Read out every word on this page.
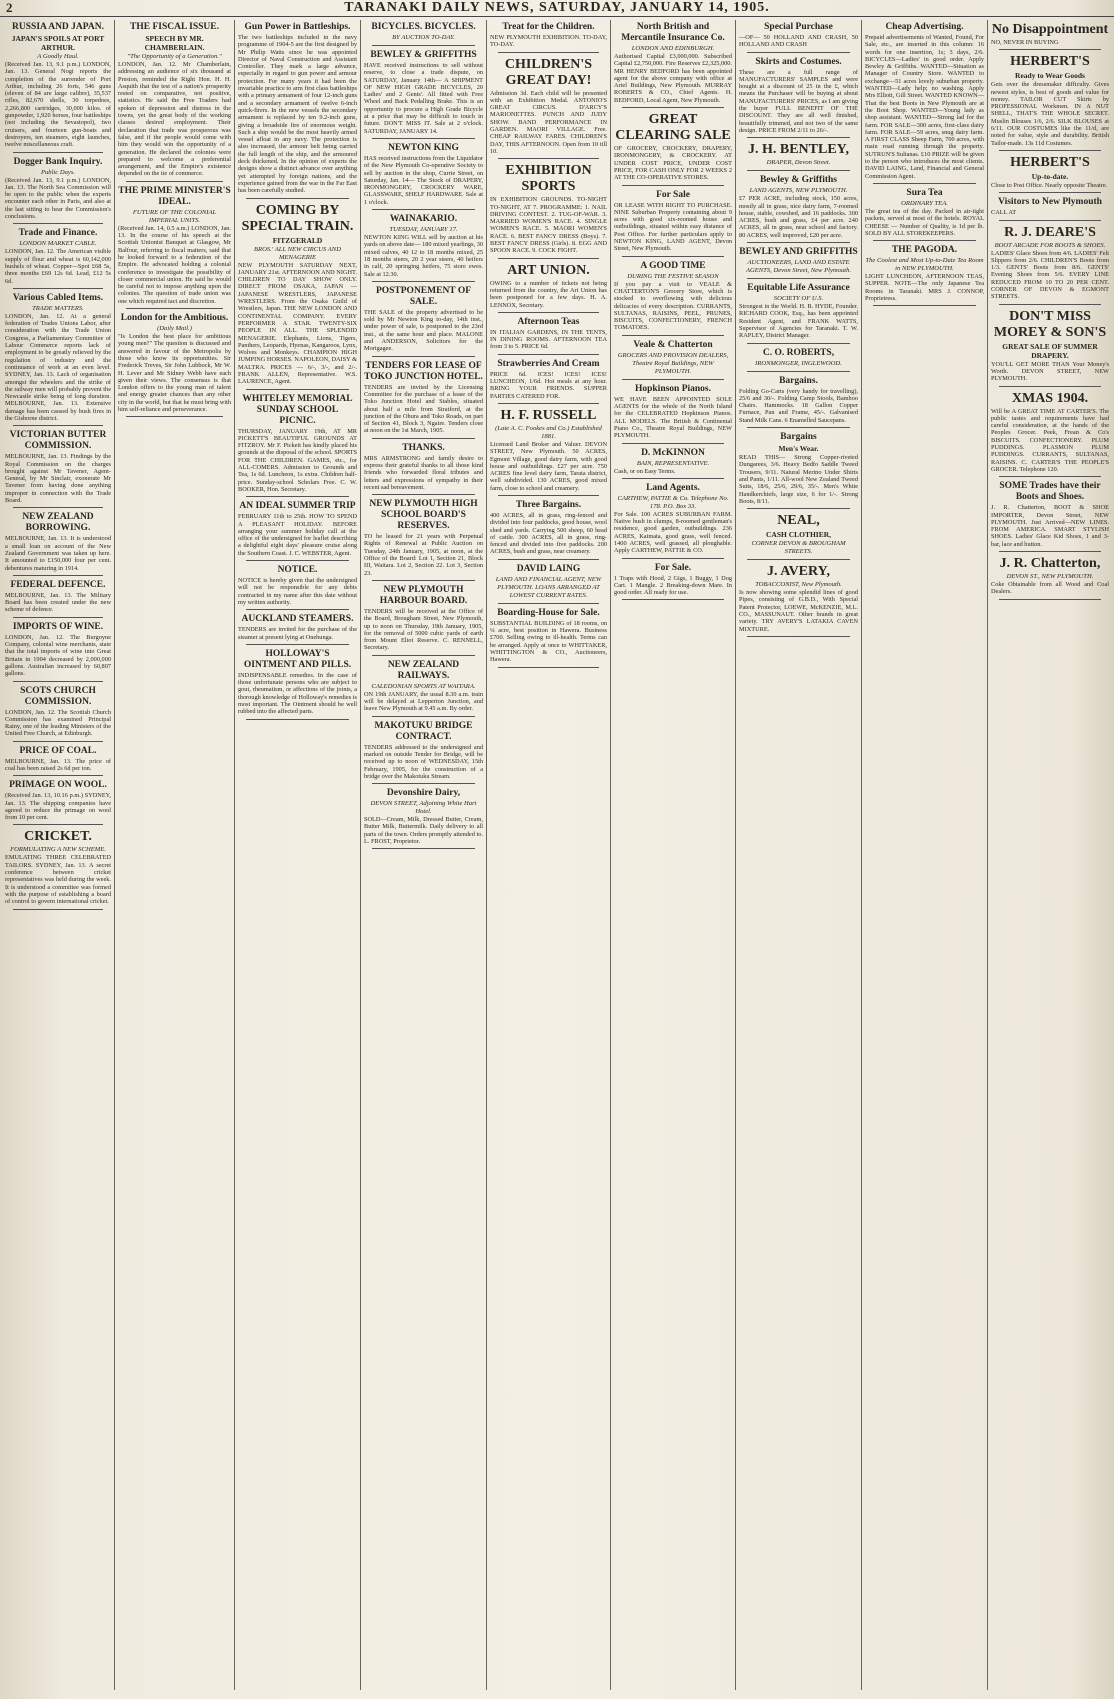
2	TARANAKI DAILY NEWS, SATURDAY, JANUARY 14, 1905.
RUSSIA AND JAPAN.
JAPAN'S SPOILS AT PORT ARTHUR.
A Goodly Haul.

(Received Jan. 13, 9.1 p.m.) LONDON, Jan. 13. General Nogi reports the completion of the surrender of Port Arthur, including 26 forts, 546 guns (eleven of 84 are large calibre), 35,537 rifles, 82,670 shells, 30 torpedoes, 2,266,800 cartridges, 30,000 kilos. of gunpowder, 1,920 horses, four battleships (not including the Sevastopol), two cruisers, and fourteen gun-boats and destroyers, ten steamers, eight launches, twelve miscellaneous craft.

Dogger Bank Inquiry.
Public Days.

(Received Jan. 13, 9.1 p.m.) LONDON, Jan. 13. The North Sea Commission will be open to the public when the experts encounter each other in Paris, and also at the last sitting to hear the Commission's conclusions.

Trade and Finance.
LONDON MARKET CABLE.

LONDON, Jan. 12. The American visible supply of flour and wheat is 60,142,000 bushels of wheat. Copper—Spot £68 5s, three months £69 12s 6d. Lead, £12 5s 6d.

Various Cabled Items.
TRADE MATTERS.

LONDON, Jan. 12. At a general federation of Trades Unions Labor, after consideration with the Trade Union Congress, a Parliamentary Committee of Labour Commerce reports lack of employment to be greatly relieved by the regulation of industry and the continuance of work at an even level. SYDNEY, Jan. 13. Lack of organisation amongst the wheelers and the strike of the railway men will probably prevent the Newcastle strike being of long duration. MELBOURNE, Jan. 13. Extensive damage has been caused by bush fires in the Gisborne district.

VICTORIAN BUTTER COMMISSION.

MELBOURNE, Jan. 13. Findings by the Royal Commission on the charges brought against Mr Tavener, Agent-General, by Mr Sinclair, exonerate Mr Tavener from having done anything improper in connection with the Trade Board.

NEW ZEALAND BORROWING.

MELBOURNE, Jan. 13. It is understood a small loan on account of the New Zealand Government was taken up here. It amounted to £150,000 four per cent. debentures maturing in 1914.

FEDERAL DEFENCE.

MELBOURNE, Jan. 13. The Military Board has been created under the new scheme of defence.

IMPORTS OF WINE.

LONDON, Jan. 12. The Burgoyne Company, colonial wine merchants, state that the total imports of wine into Great Britain in 1904 decreased by 2,000,000 gallons. Australian increased by 60,807 gallons.

SCOTS CHURCH COMMISSION.

LONDON, Jan. 12. The Scottish Church Commission has examined Principal Rainy, one of the leading Ministers of the United Free Church, at Edinburgh.

PRICE OF COAL.

MELBOURNE, Jan. 13. The price of coal has been raised 2s 6d per ton.

PRIMAGE ON WOOL.

(Received Jan. 13, 10.16 p.m.) SYDNEY, Jan. 13. The shipping companies have agreed to reduce the primage on wool from 10 per cent.

CRICKET.
FORMULATING A NEW SCHEME.

EMULATING THREE CELEBRATED TAILORS. SYDNEY, Jan. 13. A secret conference between cricket representatives was held during the week. It is understood a committee was formed with the purpose of establishing a board of control to govern international cricket.

THE FISCAL ISSUE.
SPEECH BY MR. CHAMBERLAIN.
"The Opportunity of a Generation."

LONDON, Jan. 12. Mr Chamberlain, addressing an audience of six thousand at Preston, reminded the Right Hon. H. H. Asquith that the test of a nation's prosperity rested on comparative, not positive, statistics. He said the Free Traders had spoken of depression and distress in the towns, yet the great body of the working classes desired employment. Their declaration that trade was prosperous was false, and if the people would come with him they would win the opportunity of a generation. He declared the colonies were prepared to welcome a preferential arrangement, and the Empire's existence depended on the tie of commerce.

THE PRIME MINISTER'S IDEAL.
FUTURE OF THE COLONIAL IMPERIAL UNITS.

(Received Jan. 14, 0.5 a.m.) LONDON, Jan. 13. In the course of his speech at the Scottish Unionist Banquet at Glasgow, Mr Balfour, referring to fiscal matters, said that he looked forward to a federation of the Empire. He advocated holding a colonial conference to investigate the possibility of closer commercial union. He said he would be careful not to impose anything upon the colonies. The question of trade union was one which required tact and discretion.

London for the Ambitious.
(Daily Mail.)

"Is London the best place for ambitious young men?" The question is discussed and answered in favour of the Metropolis by those who know its opportunities. Sir Frederick Treves, Sir John Lubbock, Mr W. H. Lever and Mr Sidney Webb have each given their views. The consensus is that London offers to the young man of talent and energy greater chances than any other city in the world, but that he must bring with him self-reliance and perseverance.

Gun Power in Battleships.

The two battleships included in the navy programme of 1904-5 are the first designed by Mr Philip Watts since he was appointed Director of Naval Construction and Assistant Controller. They mark a large advance, especially in regard to gun power and armour protection. For many years it had been the invariable practice to arm first class battleships with a primary armament of four 12-inch guns and a secondary armament of twelve 6-inch quick-firers. In the new vessels the secondary armament is replaced by ten 9.2-inch guns, giving a broadside fire of enormous weight. Such a ship would be the most heavily armed vessel afloat in any navy. The protection is also increased, the armour belt being carried the full length of the ship, and the armoured deck thickened. In the opinion of experts the designs show a distinct advance over anything yet attempted by foreign nations, and the experience gained from the war in the Far East has been carefully studied.

COMING BY SPECIAL TRAIN.
FITZGERALD
BROS.' ALL NEW CIRCUS AND MENAGERIE

NEW PLYMOUTH SATURDAY NEXT, JANUARY 21st. AFTERNOON AND NIGHT. CHILDREN TO DAY SHOW ONLY. DIRECT FROM OSAKA, JAPAN — JAPANESE WRESTLERS, JAPANESE WRESTLERS. From the Osaka Guild of Wrestlers, Japan. THE NEW LONDON AND CONTINENTAL COMPANY. EVERY PERFORMER A STAR. TWENTY-SIX PEOPLE IN ALL. THE SPLENDID MENAGERIE. Elephants, Lions, Tigers, Panthers, Leopards, Hyenas, Kangaroos, Lynx, Wolves and Monkeys. CHAMPION HIGH JUMPING HORSES. NAPOLEON, DAISY & MALTRA. PRICES — 6/-, 3/-, and 2/-. FRANK ALLEN, Representative. W.S. LAURENCE, Agent.

WHITELEY MEMORIAL SUNDAY SCHOOL PICNIC.

THURSDAY, JANUARY 19th, AT MR PICKETT'S BEAUTIFUL GROUNDS AT FITZROY. Mr F. Pickett has kindly placed his grounds at the disposal of the school. SPORTS FOR THE CHILDREN. GAMES, etc., for ALL-COMERS. Admission to Grounds and Tea, 1s 6d. Luncheon, 1s extra. Children half-price. Sunday-school Scholars Free. C. W. BOOKER, Hon. Secretary.

AN IDEAL SUMMER TRIP

FEBRUARY 11th to 25th. HOW TO SPEND A PLEASANT HOLIDAY. BEFORE arranging your summer holiday call at the office of the undersigned for leaflet describing a delightful eight days' pleasure cruise along the Southern Coast. J. C. WEBSTER, Agent.

NOTICE.

NOTICE is hereby given that the undersigned will not be responsible for any debts contracted in my name after this date without my written authority.

AUCKLAND STEAMERS.

TENDERS are invited for the purchase of the steamer at present lying at Onehunga.

HOLLOWAY'S OINTMENT AND PILLS.

INDISPENSABLE remedies. In the case of those unfortunate persons who are subject to gout, rheumatism, or affections of the joints, a thorough knowledge of Holloway's remedies is most important. The Ointment should be well rubbed into the affected parts.

BICYCLES. BICYCLES.
BY AUCTION TO-DAY.
BEWLEY & GRIFFITHS

HAVE received instructions to sell without reserve, to close a trade dispute, on SATURDAY, January 14th— A SHIPMENT OF NEW HIGH GRADE BICYCLES, 20 Ladies' and 2 Gents'. All fitted with Free Wheel and Back Pedalling Brake. This is an opportunity to procure a High Grade Bicycle at a price that may be difficult to touch in future. DON'T MISS IT. Sale at 2 o'clock. SATURDAY, JANUARY 14.

NEWTON KING

HAS received instructions from the Liquidator of the New Plymouth Co-operative Society to sell by auction in the shop, Currie Street, on Saturday, Jan. 14— The Stock of DRAPERY, IRONMONGERY, CROCKERY WARE, GLASSWARE, SHELF HARDWARE. Sale at 1 o'clock.

WAINAKARIO.
TUESDAY, JANUARY 17.

NEWTON KING WILL sell by auction at his yards on above date— 180 mixed yearlings, 30 mixed calves, 40 12 to 18 months mixed, 25 18 months steers, 20 2 year steers, 40 heifers in calf, 20 springing heifers, 75 store ewes. Sale at 12.30.

POSTPONEMENT OF SALE.

THE SALE of the property advertised to be sold by Mr Newton King to-day, 14th inst., under power of sale, is postponed to the 23rd inst., at the same hour and place. MALONE and ANDERSON, Solicitors for the Mortgagee.

TENDERS FOR LEASE OF TOKO JUNCTION HOTEL.

TENDERS are invited by the Licensing Committee for the purchase of a lease of the Toko Junction Hotel and Stables, situated about half a mile from Stratford, at the junction of the Ohura and Toko Roads, on part of Section 41, Block 3, Ngaire. Tenders close at noon on the 1st March, 1905.

THANKS.

MRS ARMSTRONG and family desire to express their grateful thanks to all those kind friends who forwarded floral tributes and letters and expressions of sympathy in their recent sad bereavement.

NEW PLYMOUTH HIGH SCHOOL BOARD'S RESERVES.

TO be leased for 21 years with Perpetual Rights of Renewal at Public Auction on Tuesday, 24th January, 1905, at noon, at the Office of the Board: Lot 1, Section 21, Block III, Waitara. Lot 2, Section 22. Lot 3, Section 23.

NEW PLYMOUTH HARBOUR BOARD.

TENDERS will be received at the Office of the Board, Brougham Street, New Plymouth, up to noon on Thursday, 19th January, 1905, for the removal of 5000 cubic yards of earth from Mount Eliot Reserve. C. RENNELL, Secretary.

NEW ZEALAND RAILWAYS.
CALEDONIAN SPORTS AT WAITARA.

ON 19th JANUARY, the usual 8.30 a.m. train will be delayed at Lepperton Junction, and leave New Plymouth at 9.45 a.m. By order.

MAKOTUKU BRIDGE CONTRACT.

TENDERS addressed to the undersigned and marked on outside Tender for Bridge, will be received up to noon of WEDNESDAY, 15th February, 1905, for the construction of a bridge over the Makotuku Stream.

Devonshire Dairy,
DEVON STREET, Adjoining White Hart Hotel.

SOLD—Cream, Milk, Dressed Butter, Cream, Butter Milk, Buttermilk. Daily delivery to all parts of the town. Orders promptly attended to. L. FROST, Proprietor.

Treat for the Children.

NEW PLYMOUTH EXHIBITION. TO-DAY, TO-DAY.

CHILDREN'S GREAT DAY!

Admission 3d. Each child will be presented with an Exhibition Medal. ANTONIO'S GREAT CIRCUS. D'ARCY'S MARIONETTES. PUNCH AND JUDY SHOW. BAND PERFORMANCE IN GARDEN. MAORI VILLAGE. Free. CHEAP RAILWAY FARES. CHILDREN'S DAY, THIS AFTERNOON. Open from 10 till 10.

EXHIBITION SPORTS

IN EXHIBITION GROUNDS. TO-NIGHT TO-NIGHT, AT 7. PROGRAMME: 1. NAIL DRIVING CONTEST. 2. TUG-OF-WAR. 3. MARRIED WOMEN'S RACE. 4. SINGLE WOMEN'S RACE. 5. MAORI WOMEN'S RACE. 6. BEST FANCY DRESS (Boys). 7. BEST FANCY DRESS (Girls). 8. EGG AND SPOON RACE. 9. COCK FIGHT.

ART UNION.

OWING to a number of tickets not being returned from the country, the Art Union has been postponed for a few days. H. A. LENNOX, Secretary.

Afternoon Teas

IN ITALIAN GARDENS, IN THE TENTS, IN DINING ROOMS. AFTERNOON TEA from 3 to 5. PRICE 6d.

Strawberries And Cream

PRICE 6d. ICES! ICES! ICES! LUNCHEON, 1/6d. Hot meals at any hour. BRING YOUR FRIENDS. SUPPER PARTIES CATERED FOR.

H. F. RUSSELL
(Late A. C. Fookes and Co.) Established 1881.

Licensed Land Broker and Valuer. DEVON STREET, New Plymouth. 50 ACRES, Egmont Village, good dairy farm, with good house and outbuildings. £27 per acre. 750 ACRES fine level dairy farm, Tarata district, well subdivided. 130 ACRES, good mixed farm, close to school and creamery.

Three Bargains.

400 ACRES, all in grass, ring-fenced and divided into four paddocks, good house, wool shed and yards. Carrying 500 sheep, 60 head of cattle. 300 ACRES, all in grass, ring-fenced and divided into five paddocks. 200 ACRES, bush and grass, near creamery.

DAVID LAING
LAND AND FINANCIAL AGENT, NEW PLYMOUTH. LOANS ARRANGED AT LOWEST CURRENT RATES.
Boarding-House for Sale.

SUBSTANTIAL BUILDING of 18 rooms, on ¼ acre, best position in Hawera. Business £700. Selling owing to ill-health. Terms can be arranged. Apply at once to WHITTAKER, WHITTINGTON & CO., Auctioneers, Hawera.

North British and Mercantile Insurance Co.
LONDON AND EDINBURGH.

Authorised Capital £3,000,000. Subscribed Capital £2,750,000. Fire Reserves £2,325,000. MR HENRY BEDFORD has been appointed agent for the above company with office at Ariel Buildings, New Plymouth. MURRAY ROBERTS & CO., Chief Agents. H. BEDFORD, Local Agent, New Plymouth.

GREAT CLEARING SALE

OF GROCERY, CROCKERY, DRAPERY, IRONMONGERY, & CROCKERY. AT UNDER COST PRICE, UNDER COST PRICE, FOR CASH ONLY FOR 2 WEEKS 2 AT THE CO-OPERATIVE STORES.

For Sale

OR LEASE WITH RIGHT TO PURCHASE. NINE Suburban Property containing about 9 acres with good six-roomed house and outbuildings, situated within easy distance of Post Office. For further particulars apply to NEWTON KING, LAND AGENT, Devon Street, New Plymouth.

A GOOD TIME
DURING THE FESTIVE SEASON

If you pay a visit to VEALE & CHATTERTON'S Grocery Store, which is stocked to overflowing with delicious delicacies of every description. CURRANTS, SULTANAS, RAISINS, PEEL, PRUNES, BISCUITS, CONFECTIONERY, FRENCH TOMATOES.

Veale & Chatterton
GROCERS AND PROVISION DEALERS, Theatre Royal Buildings, NEW PLYMOUTH.
Hopkinson Pianos.

WE HAVE BEEN APPOINTED SOLE AGENTS for the whole of the North Island for the CELEBRATED Hopkinson Pianos. ALL MODELS. The British & Continental Piano Co., Theatre Royal Buildings, NEW PLYMOUTH.

D. McKINNON
BAIN, REPRESENTATIVE.

Cash, or on Easy Terms.

Land Agents.
CARTHEW, PATTIE & Co. Telephone No. 178. P.O. Box 33.

For Sale. 100 ACRES SUBURBAN FARM. Native bush in clumps, 8-roomed gentleman's residence, good garden, outbuildings. 236 ACRES, Kaimata, good grass, well fenced. 1400 ACRES, well grassed, all ploughable. Apply CARTHEW, PATTIE & CO.

For Sale.

1 Traps with Hood, 2 Gigs, 1 Buggy, 1 Dog Cart. 1 Mangle. 2 Breaking-down Mare. In good order. All ready for use.

Special Purchase

—OF— 50 HOLLAND AND CRASH, 50 HOLLAND AND CRASH

Skirts and Costumes.

These are a full range of MANUFACTURERS' SAMPLES and were bought at a discount of 25 in the £, which means the Purchaser will be buying at about MANUFACTURERS' PRICES, as I am giving the buyer FULL BENEFIT OF THE DISCOUNT. They are all well finished, beautifully trimmed, and not two of the same design. PRICE FROM 2/11 to 26/-.

J. H. BENTLEY,
DRAPER, Devon Street.
Bewley & Griffiths
LAND AGENTS, NEW PLYMOUTH.

£7 PER ACRE, including stock, 150 acres, mostly all in grass, nice dairy farm, 7-roomed house, stable, cowshed, and 16 paddocks. 300 ACRES, bush and grass, £4 per acre. 240 ACRES, all in grass, near school and factory. 80 ACRES, well improved, £20 per acre.

BEWLEY AND GRIFFITHS
AUCTIONEERS, LAND AND ESTATE AGENTS, Devon Street, New Plymouth.
Equitable Life Assurance
SOCIETY OF U.S.

Strongest in the World. H. B. HYDE, Founder. RICHARD COOK, Esq., has been appointed Resident Agent, and FRANK WATTS, Supervisor of Agencies for Taranaki. T. W. RAPLEY, District Manager.

C. O. ROBERTS,
IRONMONGER, INGLEWOOD.
Bargains.

Folding Go-Carts (very handy for travelling), 25/6 and 30/-. Folding Camp Stools, Bamboo Chairs. Hammocks. 18 Gallon Copper Furnace, Pan and Frame, 45/-. Galvanised Stand Milk Cans. 6 Enamelled Saucepans.

Bargains
Men's Wear.

READ THIS— Strong Copper-riveted Dungarees, 3/6. Heavy Bedfo Saddle Tweed Trousers, 9/11. Natural Merino Under Shirts and Pants, 1/11. All-wool New Zealand Tweed Suits, 18/6, 25/6, 29/6, 35/-. Men's White Handkerchiefs, large size, 6 for 1/-. Strong Boots, 8/11.

NEAL,
CASH CLOTHIER,
CORNER DEVON & BROUGHAM STREETS.
J. AVERY,
TOBACCONIST, New Plymouth.

Is now showing some splendid lines of good Pipes, consisting of G.B.D., With Special Patent Protector, LOEWE, McKENZIE, M.L. CO., MASSUNAUT. Other brands in great variety. TRY AVERY'S LATAKIA CAVEN MIXTURE.

Cheap Advertising.

Prepaid advertisements of Wanted, Found, For Sale, etc., are inserted in this column: 16 words for one insertion, 1s; 3 days, 2/6. BICYCLES—Ladies' in good order. Apply Bewley & Griffiths. WANTED—Situation as Manager of Country Store. WANTED to exchange—51 acres lovely suburban property. WANTED—Lady help; no washing. Apply Mrs Elliott, Gill Street. WANTED KNOWN—That the best Boots in New Plymouth are at the Boot Shop. WANTED—Young lady as shop assistant. WANTED—Strong lad for the farm. FOR SALE—300 acres, first-class dairy farm. FOR SALE—59 acres, snug dairy farm. A FIRST CLASS Sheep Farm, 700 acres, with main road running through the property. SUTRUN'S Sultanas. £10 PRIZE will be given to the person who introduces the most clients. DAVID LAING, Land, Financial and General Commission Agent.

Sura Tea
ORDINARY TEA.

The great tea of the day. Packed in air-tight packets, served at most of the hotels. ROYAL CHEESE — Number of Quality, is 1d per lb. SOLD BY ALL STOREKEEPERS.

THE PAGODA.
The Coolest and Most Up-to-Date Tea Room in NEW PLYMOUTH.

LIGHT LUNCHEON, AFTERNOON TEAS, SUPPER. NOTE—The only Japanese Tea Rooms in Taranaki. MRS J. CONNOP, Proprietress.

No Disappointment

NO, NEVER IN BUYING

HERBERT'S
Ready to Wear Goods

Gets over the dressmaker difficulty. Gives newest styles, is best of goods and value for money. TAILOR CUT Skirts by PROFESSIONAL Workmen. IN A NUT SHELL, THAT'S THE WHOLE SECRET. Muslin Blouses 1/6, 2/6. SILK BLOUSES at 6/11. OUR COSTUMES like the 11/d, are noted for value, style and durability. British Tailor-made. 13s 11d Costumes.

HERBERT'S
Up-to-date.

Close to Post Office. Nearly opposite Theatre.

Visitors to New Plymouth

CALL AT

R. J. DEARE'S
BOOT ARCADE FOR BOOTS & SHOES.

LADIES' Glace Shoes from 4/6. LADIES' Felt Slippers from 2/6. CHILDREN'S Boots from 1/3. GENTS' Boots from 8/6. GENTS' Evening Shoes from 5/6. EVERY LINE REDUCED FROM 10 TO 20 PER CENT. CORNER OF DEVON & EGMONT STREETS.

DON'T MISS MOREY & SON'S
GREAT SALE OF SUMMER DRAPERY.

YOU'LL GET MORE THAN Your Money's Worth. DEVON STREET, NEW PLYMOUTH.

XMAS 1904.

Will be A GREAT TIME AT CARTER'S. The public tastes and requirements have had careful consideration, at the hands of the Peoples Grocer. Peek, Frean & Co's BISCUITS. CONFECTIONERY. PLUM PUDDINGS. PLASMON PLUM PUDDINGS. CURRANTS, SULTANAS, RAISINS. C. CARTER'S THE PEOPLE'S GROCER. Telephone 120.

SOME Trades have their Boots and Shoes.

J. R. Chatterton, BOOT & SHOE IMPORTER, Devon Street, NEW PLYMOUTH. Just Arrived—NEW LINES. FROM AMERICA. SMART STYLISH SHOES. Ladies' Glace Kid Shoes, 1 and 3-bar, lace and button.

J. R. Chatterton,
DEVON ST., NEW PLYMOUTH.

Coke Obtainable from all Wood and Coal Dealers.
